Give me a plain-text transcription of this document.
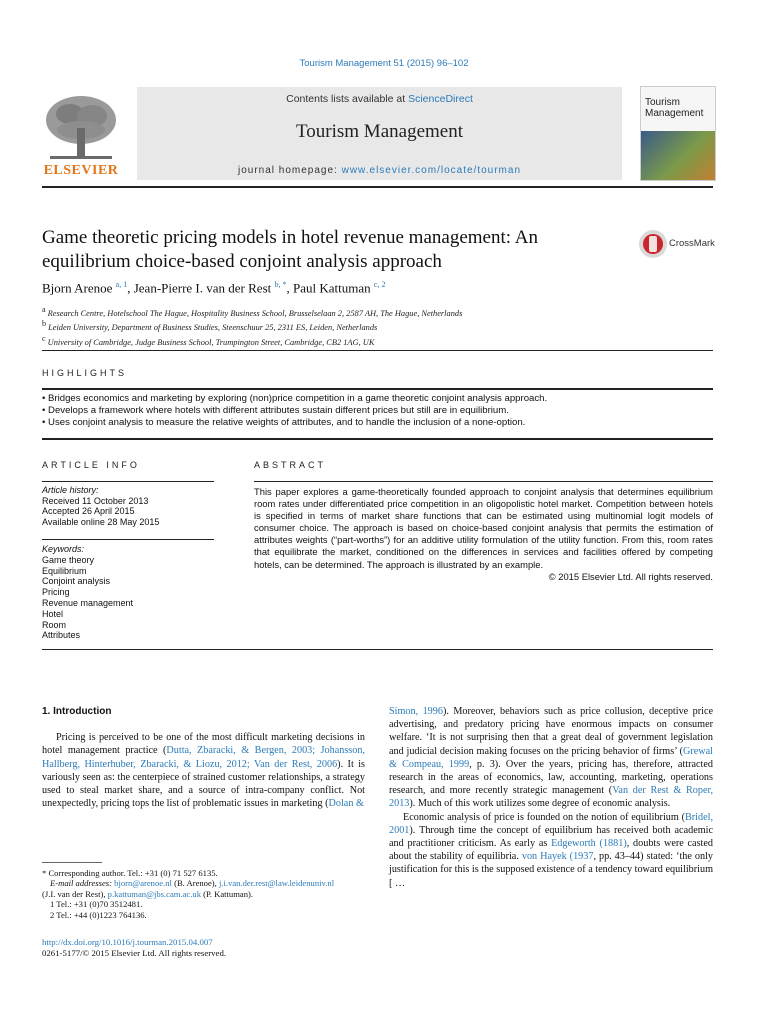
Tourism Management 51 (2015) 96–102
ELSEVIER
Contents lists available at ScienceDirect
Tourism Management
journal homepage: www.elsevier.com/locate/tourman
Tourism Management
Game theoretic pricing models in hotel revenue management: An equilibrium choice-based conjoint analysis approach
CrossMark
Bjorn Arenoe $^{a, 1}$, Jean-Pierre I. van der Rest $^{b, *}$, Paul Kattuman $^{c, 2}$
$^a$ Research Centre, Hotelschool The Hague, Hospitality Business School, Brusselselaan 2, 2587 AH, The Hague, Netherlands
$^b$ Leiden University, Department of Business Studies, Steenschuur 25, 2311 ES, Leiden, Netherlands
$^c$ University of Cambridge, Judge Business School, Trumpington Street, Cambridge, CB2 1AG, UK
HIGHLIGHTS
• Bridges economics and marketing by exploring (non)price competition in a game theoretic conjoint analysis approach.
• Develops a framework where hotels with different attributes sustain different prices but still are in equilibrium.
• Uses conjoint analysis to measure the relative weights of attributes, and to handle the inclusion of a none-option.
ARTICLE INFO
Article history:
Received 11 October 2013
Accepted 26 April 2015
Available online 28 May 2015
Keywords:
Game theory
Equilibrium
Conjoint analysis
Pricing
Revenue management
Hotel
Room
Attributes
ABSTRACT
This paper explores a game-theoretically founded approach to conjoint analysis that determines equilibrium room rates under differentiated price competition in an oligopolistic hotel market. Competition between hotels is specified in terms of market share functions that can be estimated using multinomial logit models of consumer choice. The approach is based on choice-based conjoint analysis that permits the estimation of attributes weights (“part-worths”) for an additive utility formulation of the utility function. From this, room rates that equilibrate the market, conditioned on the differences in services and facilities offered by competing hotels, can be determined. The approach is illustrated by an example.
© 2015 Elsevier Ltd. All rights reserved.

1. Introduction

Pricing is perceived to be one of the most difficult marketing decisions in hotel management practice (Dutta, Zbaracki, & Bergen, 2003; Johansson, Hallberg, Hinterhuber, Zbaracki, & Liozu, 2012; Van der Rest, 2006). It is variously seen as: the centerpiece of strained customer relationships, a strategy used to steal market share, and a source of intra-company conflict. Not unexpectedly, pricing tops the list of problematic issues in marketing (Dolan &

Simon, 1996). Moreover, behaviors such as price collusion, deceptive price advertising, and predatory pricing have enormous impacts on consumer welfare. ‘It is not surprising then that a great deal of government legislation and judicial decision making focuses on the pricing behavior of firms’ (Grewal & Compeau, 1999, p. 3). Over the years, pricing has, therefore, attracted research in the areas of economics, law, accounting, marketing, operations research, and more recently strategic management (Van der Rest & Roper, 2013). Much of this work utilizes some degree of economic analysis.

Economic analysis of price is founded on the notion of equilibrium (Bridel, 2001). Through time the concept of equilibrium has received both academic and practitioner criticism. As early as Edgeworth (1881), doubts were casted about the stability of equilibria. von Hayek (1937, pp. 43–44) stated: ‘the only justification for this is the supposed existence of a tendency toward equilibrium [ …

* Corresponding author. Tel.: +31 (0) 71 527 6135.
E-mail addresses: bjorn@arenoe.nl (B. Arenoe), j.i.van.der.rest@law.leidenuniv.nl
(J.I. van der Rest), p.kattuman@jbs.cam.ac.uk (P. Kattuman).
1 Tel.: +31 (0)70 3512481.
2 Tel.: +44 (0)1223 764136.
http://dx.doi.org/10.1016/j.tourman.2015.04.007
0261-5177/© 2015 Elsevier Ltd. All rights reserved.
